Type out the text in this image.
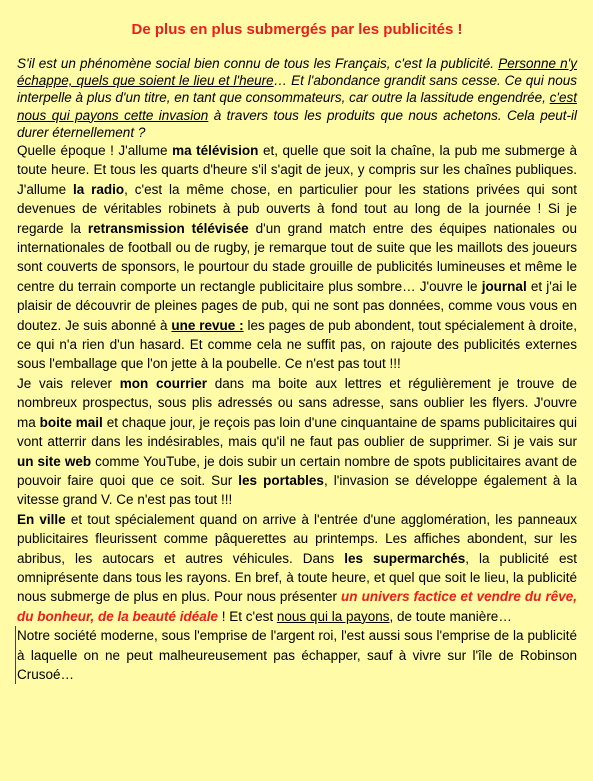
De plus en plus submergés par les publicités !

S'il est un phénomène social bien connu de tous les Français, c'est la publicité. Personne n'y échappe, quels que soient le lieu et l'heure… Et l'abondance grandit sans cesse. Ce qui nous interpelle à plus d'un titre, en tant que consommateurs, car outre la lassitude engendrée, c'est nous qui payons cette invasion à travers tous les produits que nous achetons. Cela peut-il durer éternellement ?

Quelle époque ! J'allume ma télévision et, quelle que soit la chaîne, la pub me submerge à toute heure. Et tous les quarts d'heure s'il s'agit de jeux, y compris sur les chaînes publiques. J'allume la radio, c'est la même chose, en particulier pour les stations privées qui sont devenues de véritables robinets à pub ouverts à fond tout au long de la journée ! Si je regarde la retransmission télévisée d'un grand match entre des équipes nationales ou internationales de football ou de rugby, je remarque tout de suite que les maillots des joueurs sont couverts de sponsors, le pourtour du stade grouille de publicités lumineuses et même le centre du terrain comporte un rectangle publicitaire plus sombre… J'ouvre le journal et j'ai le plaisir de découvrir de pleines pages de pub, qui ne sont pas données, comme vous vous en doutez. Je suis abonné à une revue : les pages de pub abondent, tout spécialement à droite, ce qui n'a rien d'un hasard. Et comme cela ne suffit pas, on rajoute des publicités externes sous l'emballage que l'on jette à la poubelle. Ce n'est pas tout !!!

Je vais relever mon courrier dans ma boite aux lettres et régulièrement je trouve de nombreux prospectus, sous plis adressés ou sans adresse, sans oublier les flyers. J'ouvre ma boite mail et chaque jour, je reçois pas loin d'une cinquantaine de spams publicitaires qui vont atterrir dans les indésirables, mais qu'il ne faut pas oublier de supprimer. Si je vais sur un site web comme YouTube, je dois subir un certain nombre de spots publicitaires avant de pouvoir faire quoi que ce soit. Sur les portables, l'invasion se développe également à la vitesse grand V. Ce n'est pas tout !!!

En ville et tout spécialement quand on arrive à l'entrée d'une agglomération, les panneaux publicitaires fleurissent comme pâquerettes au printemps. Les affiches abondent, sur les abribus, les autocars et autres véhicules. Dans les supermarchés, la publicité est omniprésente dans tous les rayons. En bref, à toute heure, et quel que soit le lieu, la publicité nous submerge de plus en plus. Pour nous présenter un univers factice et vendre du rêve, du bonheur, de la beauté idéale ! Et c'est nous qui la payons, de toute manière…

Notre société moderne, sous l'emprise de l'argent roi, l'est aussi sous l'emprise de la publicité à laquelle on ne peut malheureusement pas échapper, sauf à vivre sur l'île de Robinson Crusoé…
